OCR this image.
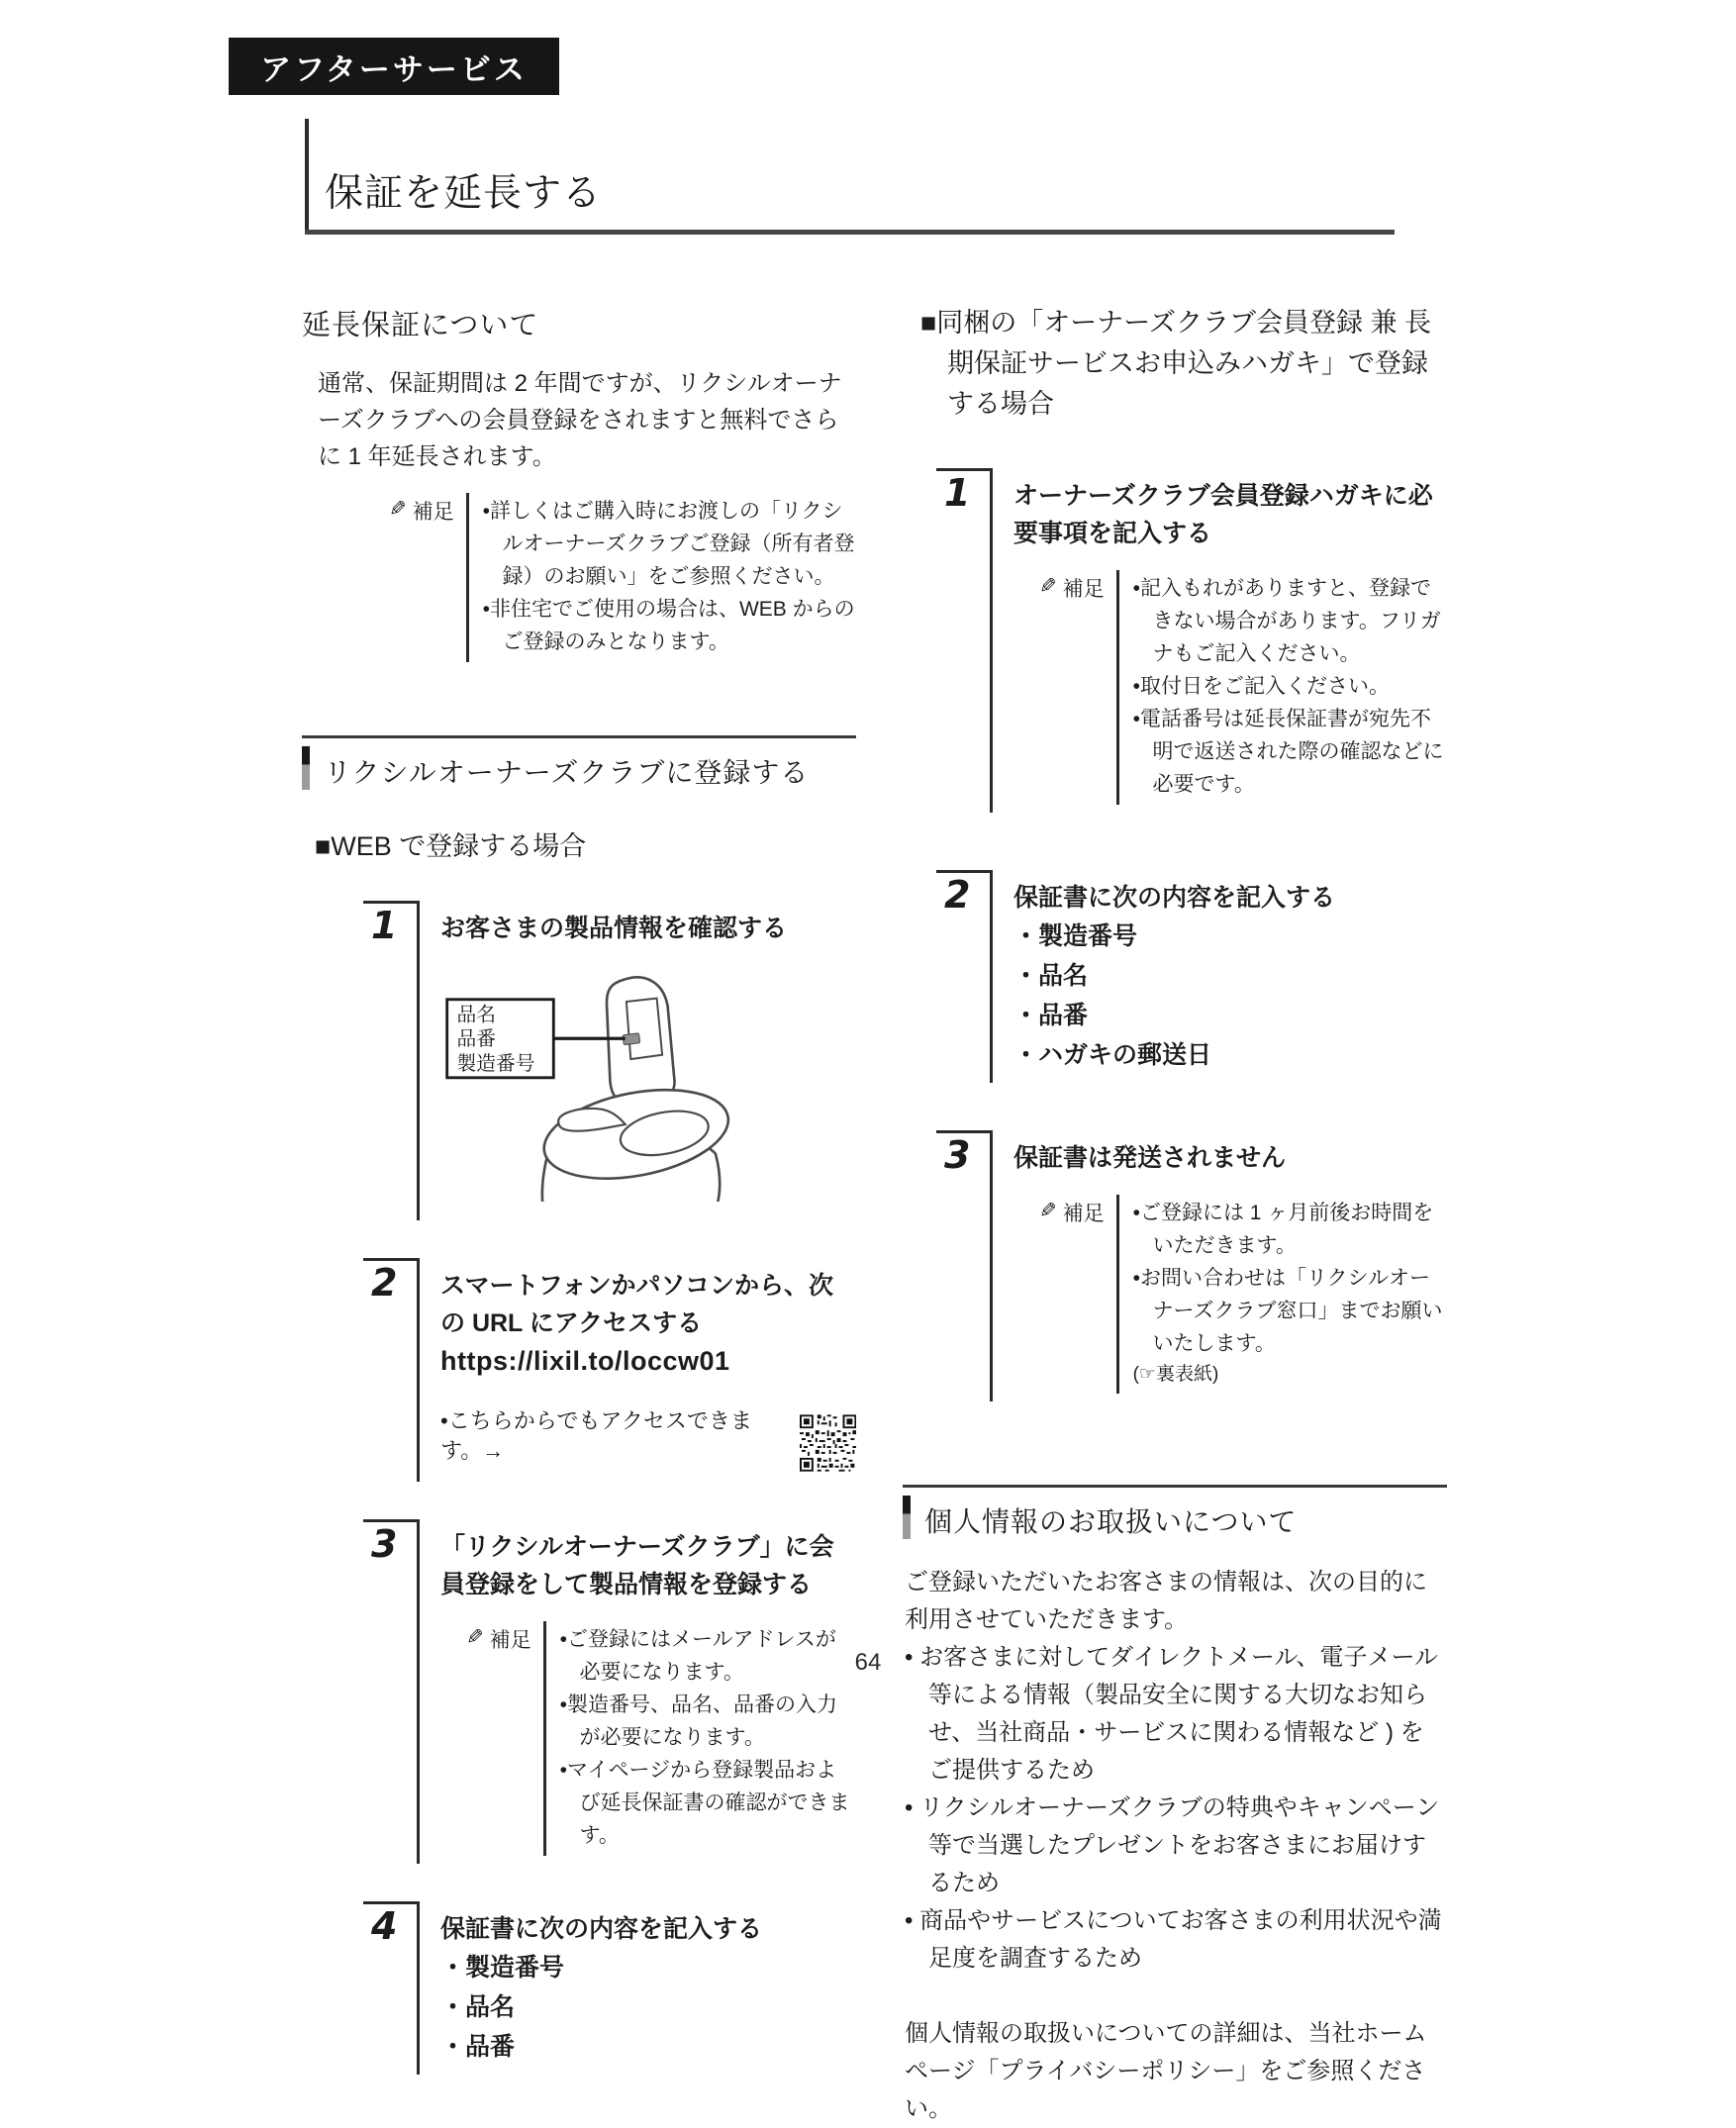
アフターサービス
保証を延長する
延長保証について

通常、保証期間は 2 年間ですが、リクシルオーナーズクラブへの会員登録をされますと無料でさらに 1 年延長されます。

✎ 補足 •詳しくはご購入時にお渡しの「リクシルオーナーズクラブご登録（所有者登録）のお願い」をご参照ください。
•非住宅でご使用の場合は、WEB からのご登録のみとなります。
リクシルオーナーズクラブに登録する
■WEB で登録する場合
1	お客さまの製品情報を確認する
品名
品番
製造番号
2	スマートフォンかパソコンから、次の URL にアクセスする
https://lixil.to/loccw01
•こちらからでもアクセスできます。→
3	「リクシルオーナーズクラブ」に会員登録をして製品情報を登録する
✎ 補足 •ご登録にはメールアドレスが必要になります。
•製造番号、品名、品番の入力が必要になります。
•マイページから登録製品および延長保証書の確認ができます。
4	保証書に次の内容を記入する
・製造番号
・品名
・品番
■同梱の「オーナーズクラブ会員登録 兼 長期保証サービスお申込みハガキ」で登録する場合
1	オーナーズクラブ会員登録ハガキに必要事項を記入する
✎ 補足 •記入もれがありますと、登録できない場合があります。フリガナもご記入ください。
•取付日をご記入ください。
•電話番号は延長保証書が宛先不明で返送された際の確認などに必要です。
2	保証書に次の内容を記入する
・製造番号
・品名
・品番
・ハガキの郵送日
3	保証書は発送されません
✎ 補足 •ご登録には 1 ヶ月前後お時間をいただきます。
•お問い合わせは「リクシルオーナーズクラブ窓口」までお願いいたします。
(☞裏表紙)
個人情報のお取扱いについて

ご登録いただいたお客さまの情報は、次の目的に利用させていただきます。

• お客さまに対してダイレクトメール、電子メール等による情報（製品安全に関する大切なお知らせ、当社商品・サービスに関わる情報など ) をご提供するため
• リクシルオーナーズクラブの特典やキャンペーン等で当選したプレゼントをお客さまにお届けするため
• 商品やサービスについてお客さまの利用状況や満足度を調査するため

個人情報の取扱いについての詳細は、当社ホームページ「プライバシーポリシー」をご参照ください。

64
